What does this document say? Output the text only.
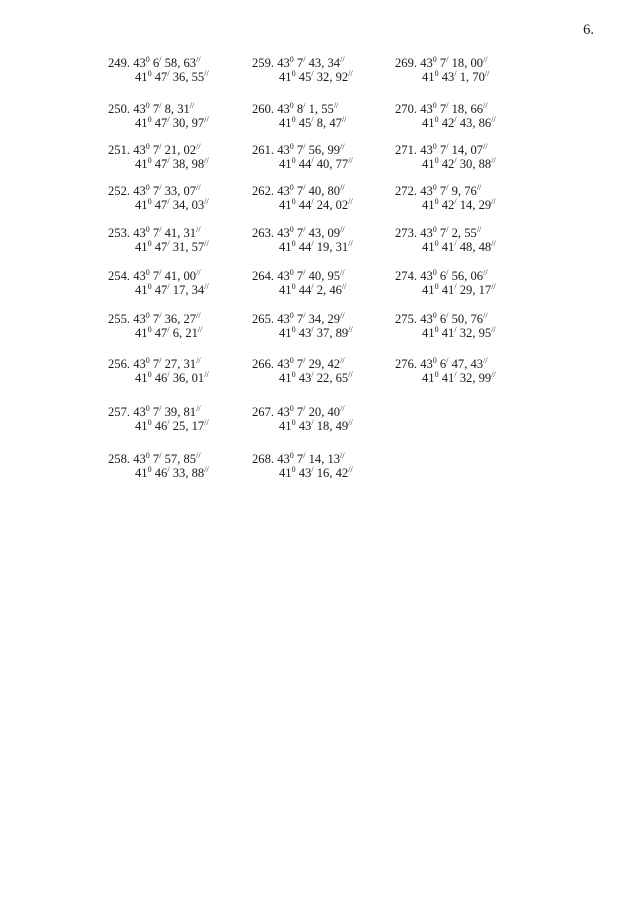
6.
249. $43^0$ 6/ 58, 63//
$41^0$ 47/ 36, 55//
250. $43^0$ 7/ 8, 31//
$41^0$ 47/ 30, 97//
251. $43^0$ 7/ 21, 02//
$41^0$ 47/ 38, 98//
252. $43^0$ 7/ 33, 07//
$41^0$ 47/ 34, 03//
253. $43^0$ 7/ 41, 31//
$41^0$ 47/ 31, 57//
254. $43^0$ 7/ 41, 00//
$41^0$ 47/ 17, 34//
255. $43^0$ 7/ 36, 27//
$41^0$ 47/ 6, 21//
256. $43^0$ 7/ 27, 31//
$41^0$ 46/ 36, 01//
257. $43^0$ 7/ 39, 81//
$41^0$ 46/ 25, 17//
258. $43^0$ 7/ 57, 85//
$41^0$ 46/ 33, 88//
259. $43^0$ 7/ 43, 34//
$41^0$ 45/ 32, 92//
260. $43^0$ 8/ 1, 55//
$41^0$ 45/ 8, 47//
261. $43^0$ 7/ 56, 99//
$41^0$ 44/ 40, 77//
262. $43^0$ 7/ 40, 80//
$41^0$ 44/ 24, 02//
263. $43^0$ 7/ 43, 09//
$41^0$ 44/ 19, 31//
264. $43^0$ 7/ 40, 95//
$41^0$ 44/ 2, 46//
265. $43^0$ 7/ 34, 29//
$41^0$ 43/ 37, 89//
266. $43^0$ 7/ 29, 42//
$41^0$ 43/ 22, 65//
267. $43^0$ 7/ 20, 40//
$41^0$ 43/ 18, 49//
268. $43^0$ 7/ 14, 13//
$41^0$ 43/ 16, 42//
269. $43^0$ 7/ 18, 00//
$41^0$ 43/ 1, 70//
270. $43^0$ 7/ 18, 66//
$41^0$ 42/ 43, 86//
271. $43^0$ 7/ 14, 07//
$41^0$ 42/ 30, 88//
272. $43^0$ 7/ 9, 76//
$41^0$ 42/ 14, 29//
273. $43^0$ 7/ 2, 55//
$41^0$ 41/ 48, 48//
274. $43^0$ 6/ 56, 06//
$41^0$ 41/ 29, 17//
275. $43^0$ 6/ 50, 76//
$41^0$ 41/ 32, 95//
276. $43^0$ 6/ 47, 43//
$41^0$ 41/ 32, 99//
